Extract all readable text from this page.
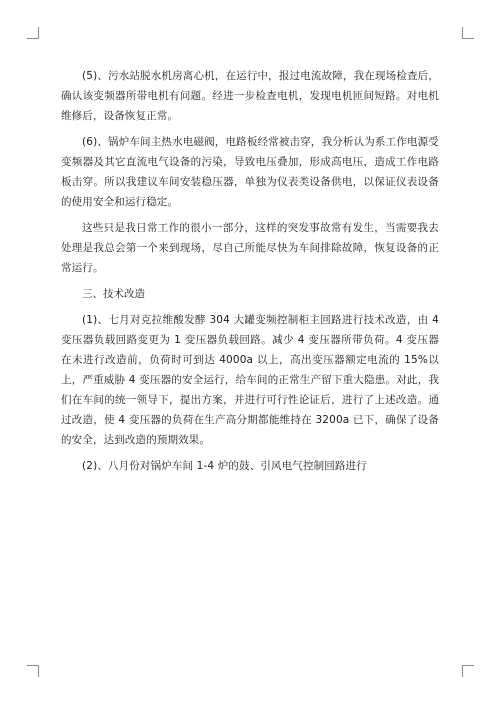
(5)、污水站脱水机房离心机，在运行中，报过电流故障，我在现场检查后，确认该变频器所带电机有问题。经进一步检查电机，发现电机匝间短路。对电机维修后，设备恢复正常。

(6)、锅炉车间主热水电磁阀，电路板经常被击穿，我分析认为系工作电源受变频器及其它直流电气设备的污染，导致电压叠加，形成高电压，造成工作电路板击穿。所以我建议车间安装稳压器，单独为仪表类设备供电，以保证仪表设备的使用安全和运行稳定。

这些只是我日常工作的很小一部分，这样的突发事故常有发生，当需要我去处理是我总会第一个来到现场，尽自己所能尽快为车间排除故障，恢复设备的正常运行。

三、技术改造

(1)、七月对克拉维酸发酵 304 大罐变频控制柜主回路进行技术改造，由 4 变压器负载回路变更为 1 变压器负载回路。减少 4 变压器所带负荷。4 变压器在未进行改造前，负荷时可到达 4000a 以上，高出变压器额定电流的 15%以上，严重威胁 4 变压器的安全运行，给车间的正常生产留下重大隐患。对此，我们在车间的统一领导下，提出方案，并进行可行性论证后，进行了上述改造。通过改造，使 4 变压器的负荷在生产高分期都能维持在 3200a 已下，确保了设备的安全，达到改造的预期效果。

(2)、八月份对锅炉车间 1-4 炉的鼓、引风电气控制回路进行
